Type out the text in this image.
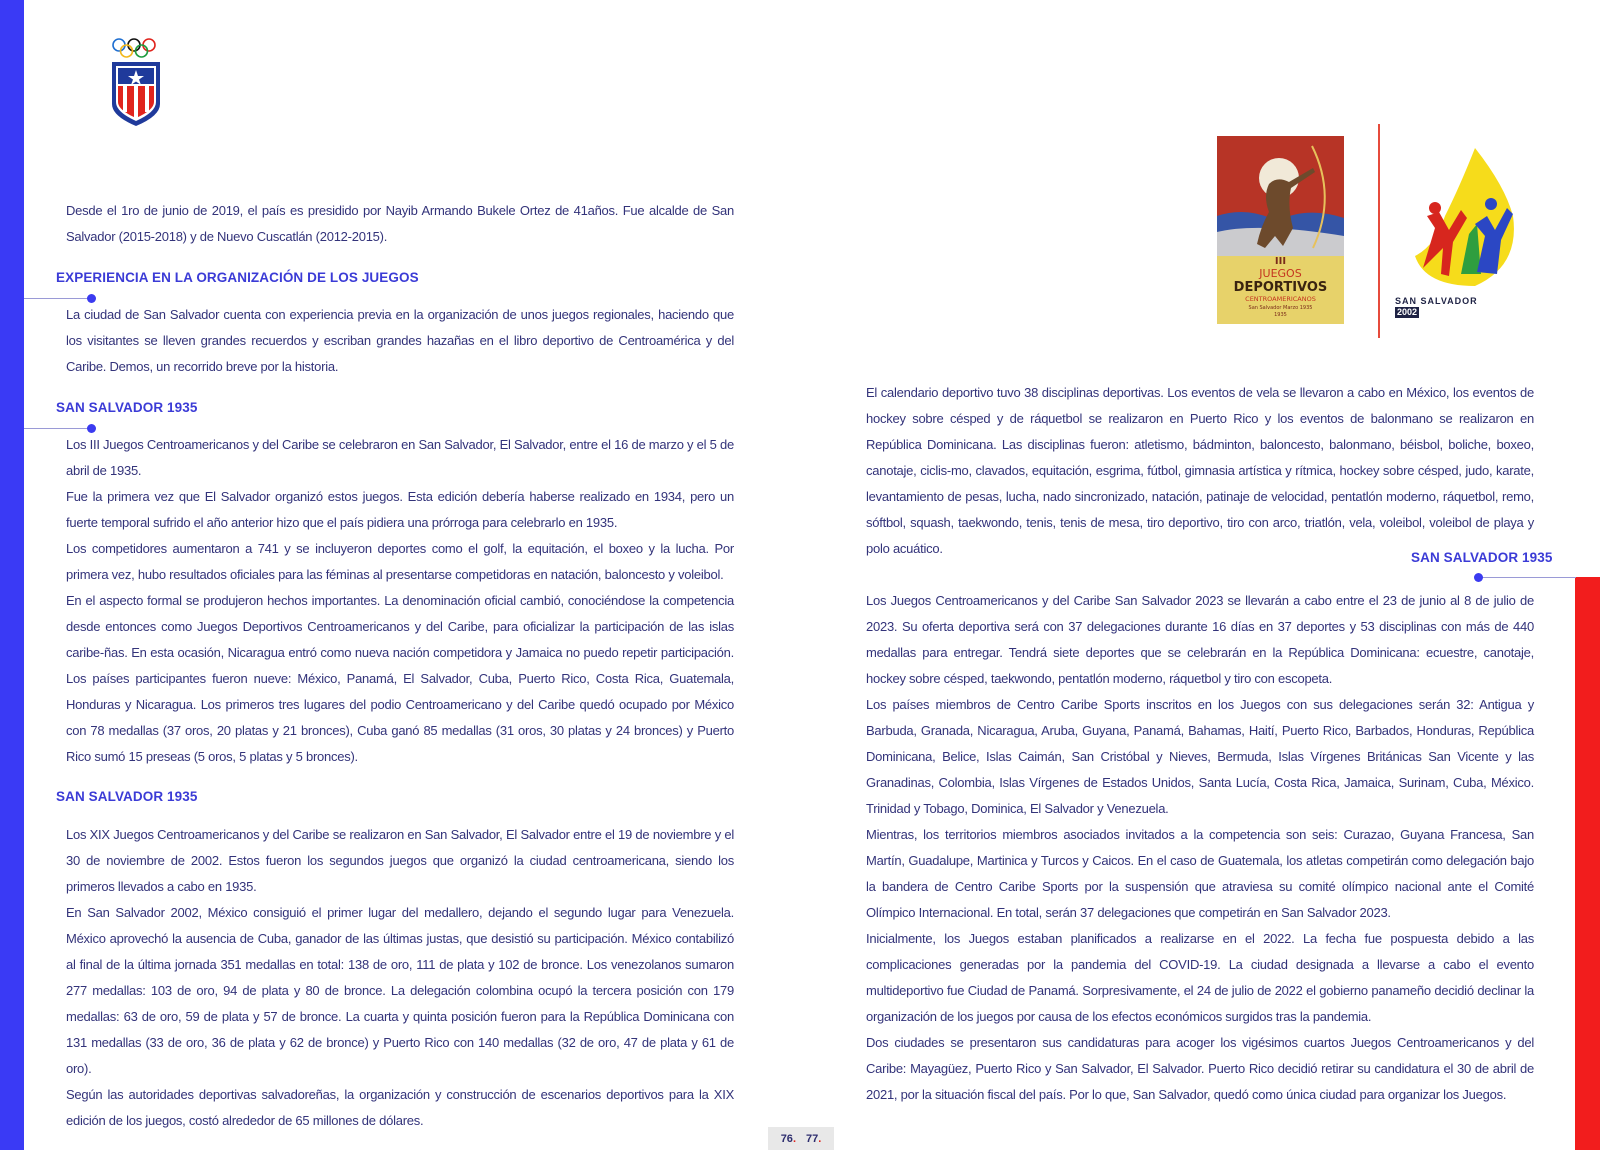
Desde el 1ro de junio de 2019, el país es presidido por Nayib Armando Bukele Ortez de 41años. Fue alcalde de San Salvador (2015-2018) y de Nuevo Cuscatlán (2012-2015).

EXPERIENCIA EN LA ORGANIZACIÓN DE LOS JUEGOS

La ciudad de San Salvador cuenta con experiencia previa en la organización de unos juegos regionales, haciendo que los visitantes se lleven grandes recuerdos y escriban grandes hazañas en el libro deportivo de Centroamérica y del Caribe. Demos, un recorrido breve por la historia.

SAN SALVADOR 1935

Los III Juegos Centroamericanos y del Caribe se celebraron en San Salvador, El Salvador, entre el 16 de marzo y el 5 de abril de 1935.

Fue la primera vez que El Salvador organizó estos juegos. Esta edición debería haberse realizado en 1934, pero un fuerte temporal sufrido el año anterior hizo que el país pidiera una prórroga para celebrarlo en 1935.

Los competidores aumentaron a 741 y se incluyeron deportes como el golf, la equitación, el boxeo y la lucha. Por primera vez, hubo resultados oficiales para las féminas al presentarse competidoras en natación, baloncesto y voleibol.

En el aspecto formal se produjeron hechos importantes. La denominación oficial cambió, conociéndose la competencia desde entonces como Juegos Deportivos Centroamericanos y del Caribe, para oficializar la participación de las islas caribe-ñas. En esta ocasión, Nicaragua entró como nueva nación competidora y Jamaica no puedo repetir participación. Los países participantes fueron nueve: México, Panamá, El Salvador, Cuba, Puerto Rico, Costa Rica, Guatemala, Honduras y Nicaragua. Los primeros tres lugares del podio Centroamericano y del Caribe quedó ocupado por México con 78 medallas (37 oros, 20 platas y 21 bronces), Cuba ganó 85 medallas (31 oros, 30 platas y 24 bronces) y Puerto Rico sumó 15 preseas (5 oros, 5 platas y 5 bronces).

SAN SALVADOR 1935

Los XIX Juegos Centroamericanos y del Caribe se realizaron en San Salvador, El Salvador entre el 19 de noviembre y el 30 de noviembre de 2002. Estos fueron los segundos juegos que organizó la ciudad centroamericana, siendo los primeros llevados a cabo en 1935.

En San Salvador 2002, México consiguió el primer lugar del medallero, dejando el segundo lugar para Venezuela. México aprovechó la ausencia de Cuba, ganador de las últimas justas, que desistió su participación. México contabilizó al final de la última jornada 351 medallas en total: 138 de oro, 111 de plata y 102 de bronce. Los venezolanos sumaron 277 medallas: 103 de oro, 94 de plata y 80 de bronce. La delegación colombina ocupó la tercera posición con 179 medallas: 63 de oro, 59 de plata y 57 de bronce. La cuarta y quinta posición fueron para la República Dominicana con 131 medallas (33 de oro, 36 de plata y 62 de bronce) y Puerto Rico con 140 medallas (32 de oro, 47 de plata y 61 de oro).

Según las autoridades deportivas salvadoreñas, la organización y construcción de escenarios deportivos para la XIX edición de los juegos, costó alrededor de 65 millones de dólares.

III
JUEGOS
DEPORTIVOS
CENTROAMERICANOS
San Salvador Marzo 1935
1935
SAN SALVADOR
2002

El calendario deportivo tuvo 38 disciplinas deportivas. Los eventos de vela se llevaron a cabo en México, los eventos de hockey sobre césped y de ráquetbol se realizaron en Puerto Rico y los eventos de balonmano se realizaron en República Dominicana. Las disciplinas fueron: atletismo, bádminton, baloncesto, balonmano, béisbol, boliche, boxeo, canotaje, ciclis-mo, clavados, equitación, esgrima, fútbol, gimnasia artística y rítmica, hockey sobre césped, judo, karate, levantamiento de pesas, lucha, nado sincronizado, natación, patinaje de velocidad, pentatlón moderno, ráquetbol, remo, sóftbol, squash, taekwondo, tenis, tenis de mesa, tiro deportivo, tiro con arco, triatlón, vela, voleibol, voleibol de playa y polo acuático.

SAN SALVADOR 1935

Los Juegos Centroamericanos y del Caribe San Salvador 2023 se llevarán a cabo entre el 23 de junio al 8 de julio de 2023. Su oferta deportiva será con 37 delegaciones durante 16 días en 37 deportes y 53 disciplinas con más de 440 medallas para entregar. Tendrá siete deportes que se celebrarán en la República Dominicana: ecuestre, canotaje, hockey sobre césped, taekwondo, pentatlón moderno, ráquetbol y tiro con escopeta.

Los países miembros de Centro Caribe Sports inscritos en los Juegos con sus delegaciones serán 32: Antigua y Barbuda, Granada, Nicaragua, Aruba, Guyana, Panamá, Bahamas, Haití, Puerto Rico, Barbados, Honduras, República Dominicana, Belice, Islas Caimán, San Cristóbal y Nieves, Bermuda, Islas Vírgenes Británicas San Vicente y las Granadinas, Colombia, Islas Vírgenes de Estados Unidos, Santa Lucía, Costa Rica, Jamaica, Surinam, Cuba, México. Trinidad y Tobago, Dominica, El Salvador y Venezuela.

Mientras, los territorios miembros asociados invitados a la competencia son seis: Curazao, Guyana Francesa, San Martín, Guadalupe, Martinica y Turcos y Caicos. En el caso de Guatemala, los atletas competirán como delegación bajo la bandera de Centro Caribe Sports por la suspensión que atraviesa su comité olímpico nacional ante el Comité Olímpico Internacional. En total, serán 37 delegaciones que competirán en San Salvador 2023.

Inicialmente, los Juegos estaban planificados a realizarse en el 2022. La fecha fue pospuesta debido a las complicaciones generadas por la pandemia del COVID-19. La ciudad designada a llevarse a cabo el evento multideportivo fue Ciudad de Panamá. Sorpresivamente, el 24 de julio de 2022 el gobierno panameño decidió declinar la organización de los juegos por causa de los efectos económicos surgidos tras la pandemia.

Dos ciudades se presentaron sus candidaturas para acoger los vigésimos cuartos Juegos Centroamericanos y del Caribe: Mayagüez, Puerto Rico y San Salvador, El Salvador. Puerto Rico decidió retirar su candidatura el 30 de abril de 2021, por la situación fiscal del país. Por lo que, San Salvador, quedó como única ciudad para organizar los Juegos.

76. 77.
